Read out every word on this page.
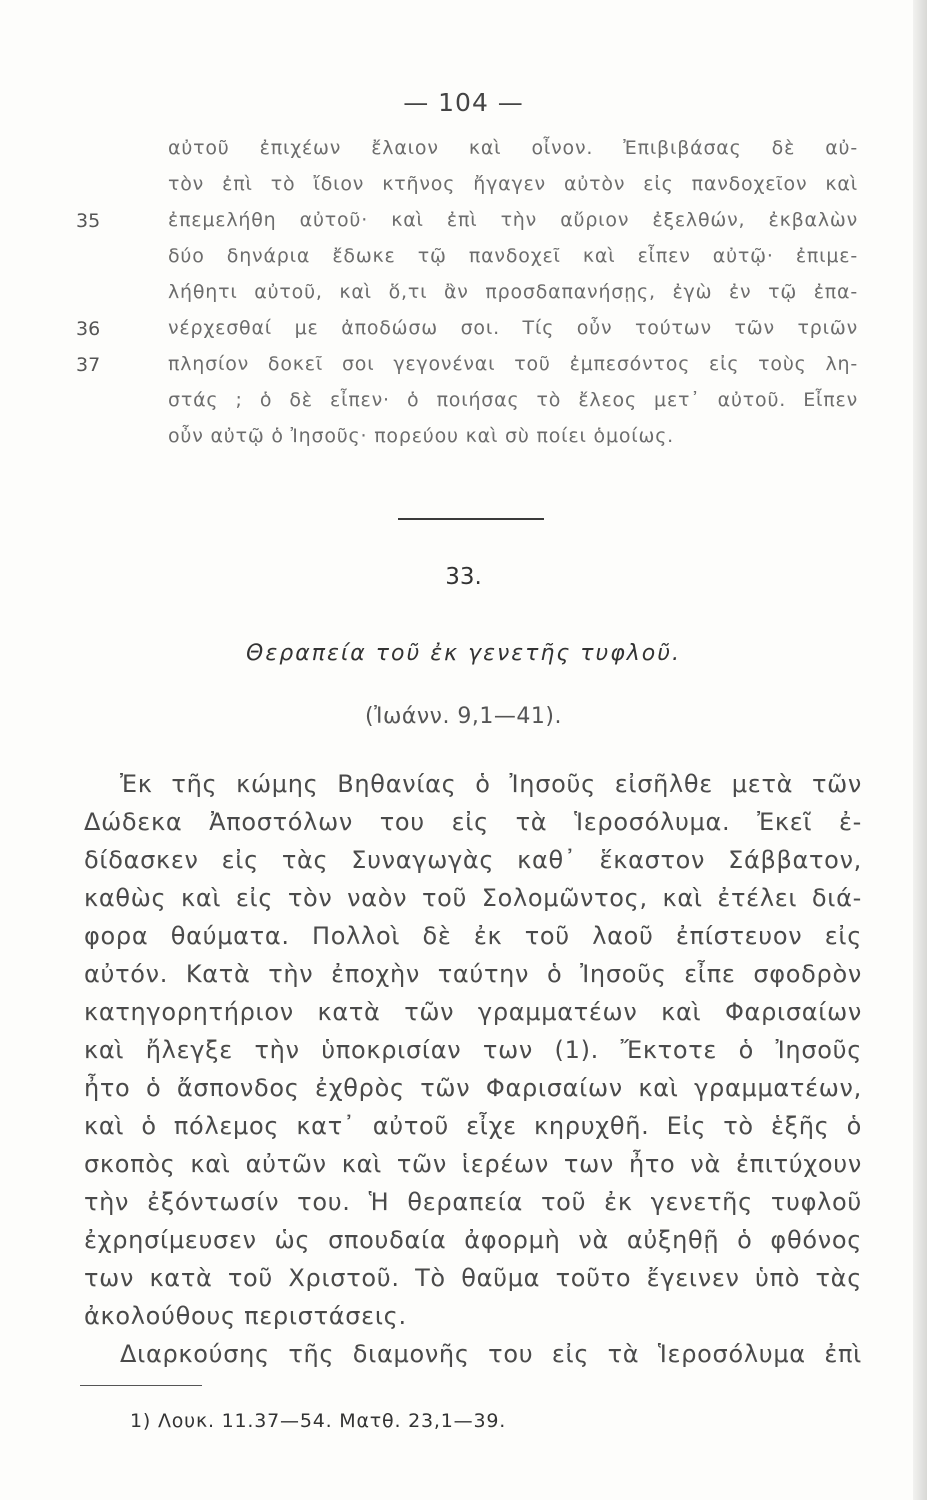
— 104 —
αὐτοῦ ἐπιχέων ἔλαιον καὶ οἶνον. Ἐπιβιβάσας δὲ αὐ-
τὸν ἐπὶ τὸ ἴδιον κτῆνος ἤγαγεν αὐτὸν εἰς πανδοχεῖον καὶ
35	ἐπεμελήθη αὐτοῦ· καὶ ἐπὶ τὴν αὔριον ἐξελθών, ἐκβαλὼν
δύο δηνάρια ἔδωκε τῷ πανδοχεῖ καὶ εἶπεν αὐτῷ· ἐπιμε-
λήθητι αὐτοῦ, καὶ ὅ,τι ἂν προσδαπανήσῃς, ἐγὼ ἐν τῷ ἐπα-
36	νέρχεσθαί με ἀποδώσω σοι. Τίς οὖν τούτων τῶν τριῶν
37	πλησίον δοκεῖ σοι γεγονέναι τοῦ ἐμπεσόντος εἰς τοὺς λη-
στάς ; ὁ δὲ εἶπεν· ὁ ποιήσας τὸ ἔλεος μετ᾽ αὐτοῦ. Εἶπεν
οὖν αὐτῷ ὁ Ἰησοῦς· πορεύου καὶ σὺ ποίει ὁμοίως.
33.
Θεραπεία τοῦ ἐκ γενετῆς τυφλοῦ.
(Ἰωάνν. 9,1—41).
Ἐκ τῆς κώμης Βηθανίας ὁ Ἰησοῦς εἰσῆλθε μετὰ τῶν
Δώδεκα Ἀποστόλων του εἰς τὰ Ἱεροσόλυμα. Ἐκεῖ ἐ-
δίδασκεν εἰς τὰς Συναγωγὰς καθ᾽ ἕκαστον Σάββατον,
καθὼς καὶ εἰς τὸν ναὸν τοῦ Σολομῶντος, καὶ ἐτέλει διά-
φορα θαύματα. Πολλοὶ δὲ ἐκ τοῦ λαοῦ ἐπίστευον εἰς
αὐτόν. Κατὰ τὴν ἐποχὴν ταύτην ὁ Ἰησοῦς εἶπε σφοδρὸν
κατηγορητήριον κατὰ τῶν γραμματέων καὶ Φαρισαίων
καὶ ἤλεγξε τὴν ὑποκρισίαν των (1). Ἔκτοτε ὁ Ἰησοῦς
ἦτο ὁ ἄσπονδος ἐχθρὸς τῶν Φαρισαίων καὶ γραμματέων,
καὶ ὁ πόλεμος κατ᾽ αὐτοῦ εἶχε κηρυχθῆ. Εἰς τὸ ἑξῆς ὁ
σκοπὸς καὶ αὐτῶν καὶ τῶν ἱερέων των ἦτο νὰ ἐπιτύχουν
τὴν ἐξόντωσίν του. Ἡ θεραπεία τοῦ ἐκ γενετῆς τυφλοῦ
ἐχρησίμευσεν ὡς σπουδαία ἀφορμὴ νὰ αὐξηθῇ ὁ φθόνος
των κατὰ τοῦ Χριστοῦ. Τὸ θαῦμα τοῦτο ἔγεινεν ὑπὸ τὰς
ἀκολούθους περιστάσεις.
Διαρκούσης τῆς διαμονῆς του εἰς τὰ Ἱεροσόλυμα ἐπὶ
1) Λουκ. 11.37—54. Ματθ. 23,1—39.
